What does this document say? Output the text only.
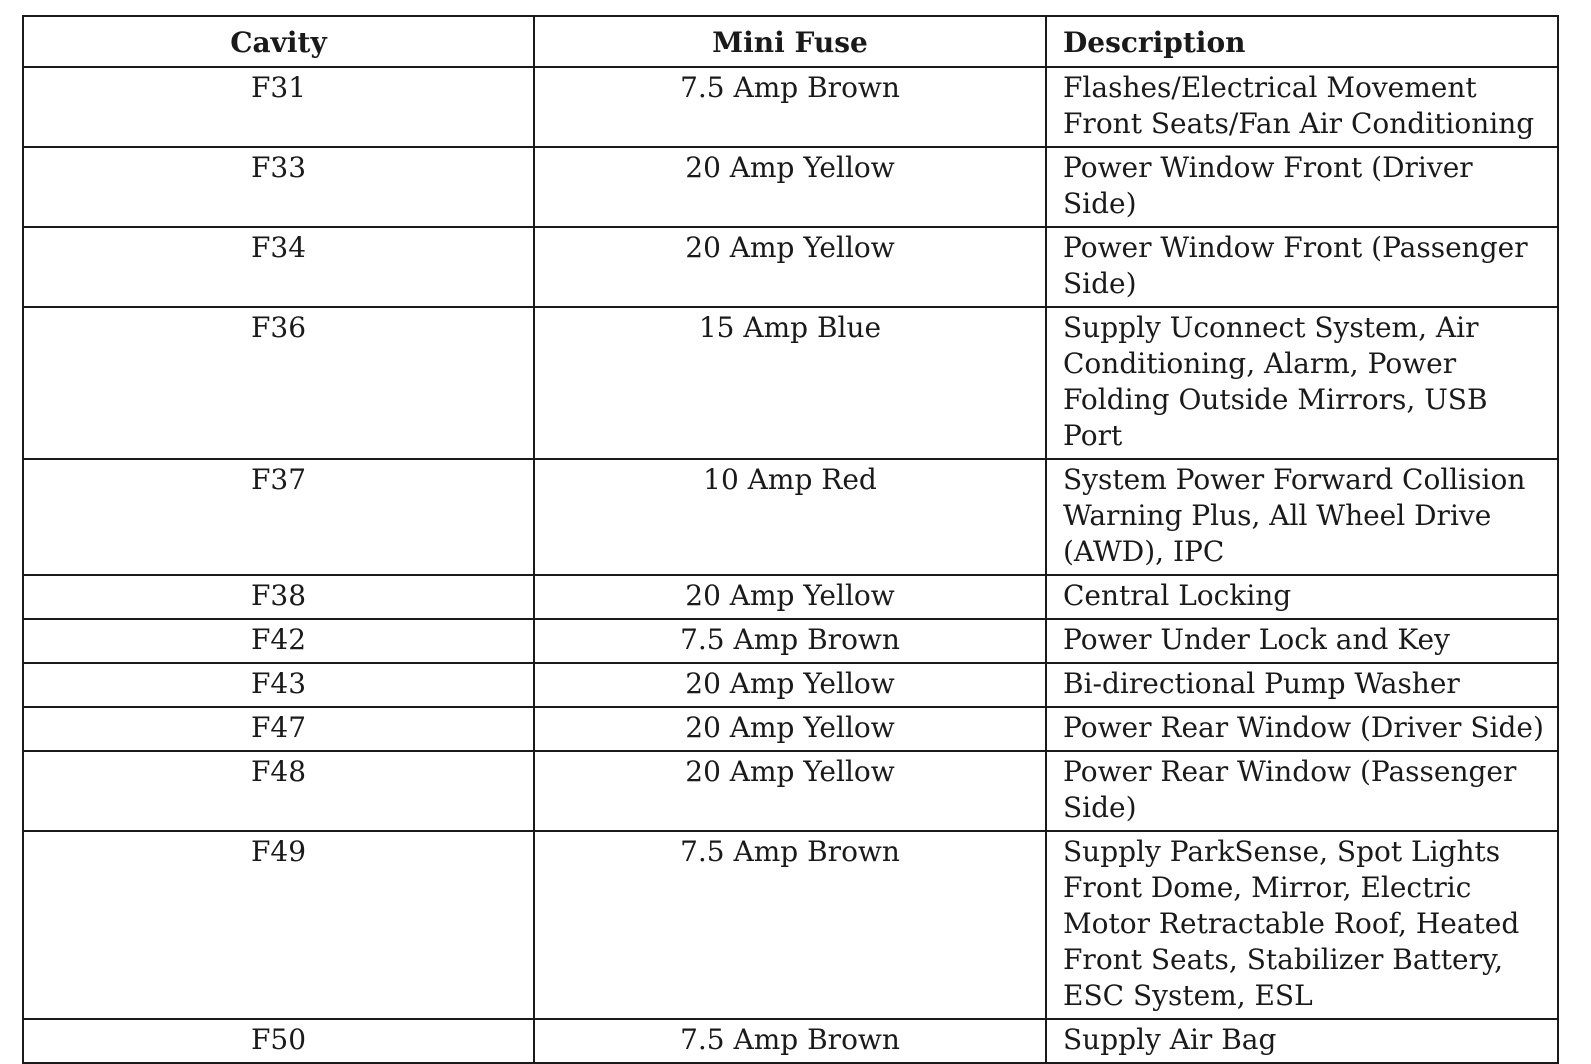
Cavity	Mini Fuse	Description
F31	7.5 Amp Brown	Flashes/Electrical Movement Front Seats/Fan Air Conditioning
F33	20 Amp Yellow	Power Window Front (Driver Side)
F34	20 Amp Yellow	Power Window Front (Passenger Side)
F36	15 Amp Blue	Supply Uconnect System, Air Conditioning, Alarm, Power Folding Outside Mirrors, USB Port
F37	10 Amp Red	System Power Forward Collision Warning Plus, All Wheel Drive (AWD), IPC
F38	20 Amp Yellow	Central Locking
F42	7.5 Amp Brown	Power Under Lock and Key
F43	20 Amp Yellow	Bi-directional Pump Washer
F47	20 Amp Yellow	Power Rear Window (Driver Side)
F48	20 Amp Yellow	Power Rear Window (Passenger Side)
F49	7.5 Amp Brown	Supply ParkSense, Spot Lights Front Dome, Mirror, Electric Motor Retractable Roof, Heated Front Seats, Stabilizer Battery, ESC System, ESL
F50	7.5 Amp Brown	Supply Air Bag
